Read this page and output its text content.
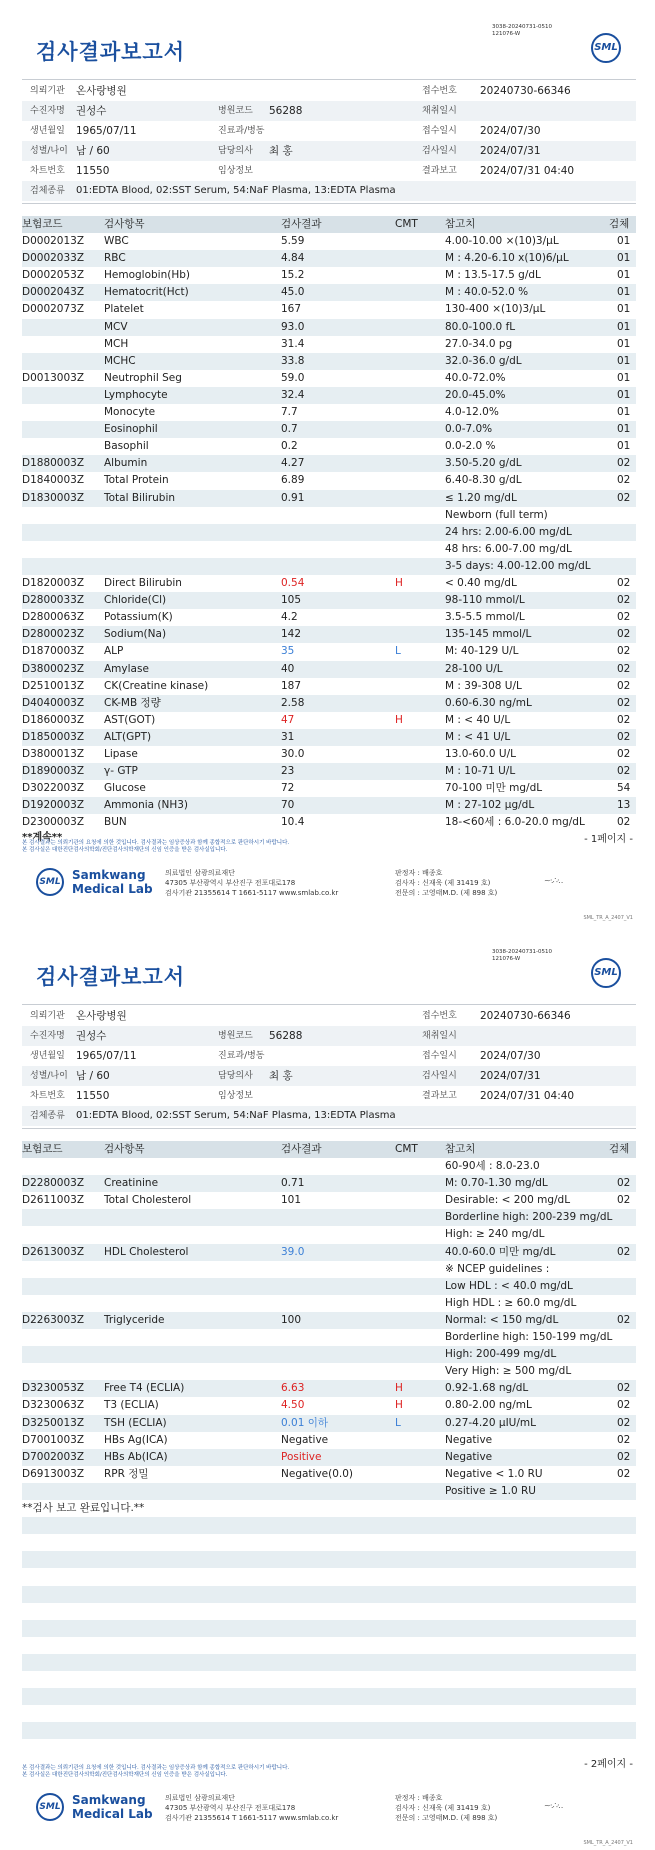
3038-20240731-0510
121076-W
검사결과보고서	SML
의뢰기관 온사랑병원	접수번호 20240730-66346
수진자명 권성수	병원코드 56288	채취일시
생년월일 1965/07/11	진료과/병동	접수일시 2024/07/30
성별/나이 남 / 60	담당의사 최 홍	검사일시 2024/07/31
차트번호 11550	임상정보	결과보고 2024/07/31 04:40
검체종류 01:EDTA Blood, 02:SST Serum, 54:NaF Plasma, 13:EDTA Plasma
보험코드	검사항목	검사결과	CMT	참고치	검체
D0002013Z WBC	5.59	4.00-10.00 ×(10)3/μL	01
D0002033Z RBC	4.84	M : 4.20-6.10 x(10)6/μL	01
D0002053Z Hemoglobin(Hb)	15.2	M : 13.5-17.5 g/dL	01
D0002043Z Hematocrit(Hct)	45.0	M : 40.0-52.0 %	01
D0002073Z Platelet	167	130-400 ×(10)3/μL	01
MCV	93.0	80.0-100.0 fL	01
MCH	31.4	27.0-34.0 pg	01
MCHC	33.8	32.0-36.0 g/dL	01
D0013003Z Neutrophil Seg	59.0	40.0-72.0%	01
Lymphocyte	32.4	20.0-45.0%	01
Monocyte	7.7	4.0-12.0%	01
Eosinophil	0.7	0.0-7.0%	01
Basophil	0.2	0.0-2.0 %	01
D1880003Z Albumin	4.27	3.50-5.20 g/dL	02
D1840003Z Total Protein	6.89	6.40-8.30 g/dL	02
D1830003Z Total Bilirubin	0.91	≤ 1.20 mg/dL	02
Newborn (full term)
24 hrs: 2.00-6.00 mg/dL
48 hrs: 6.00-7.00 mg/dL
3-5 days: 4.00-12.00 mg/dL
D1820003Z Direct Bilirubin	0.54	H	< 0.40 mg/dL	02
D2800033Z Chloride(Cl)	105	98-110 mmol/L	02
D2800063Z Potassium(K)	4.2	3.5-5.5 mmol/L	02
D2800023Z Sodium(Na)	142	135-145 mmol/L	02
D1870003Z ALP	35	L	M: 40-129 U/L	02
D3800023Z Amylase	40	28-100 U/L	02
D2510013Z CK(Creatine kinase)	187	M : 39-308 U/L	02
D4040003Z CK-MB 정량	2.58	0.60-6.30 ng/mL	02
D1860003Z AST(GOT)	47	H	M : < 40 U/L	02
D1850003Z ALT(GPT)	31	M : < 41 U/L	02
D3800013Z Lipase	30.0	13.0-60.0 U/L	02
D1890003Z γ- GTP	23	M : 10-71 U/L	02
D3022003Z Glucose	72	70-100 미만 mg/dL	54
D1920003Z Ammonia (NH3)	70	M : 27-102 μg/dL	13
D2300003Z BUN	10.4	18-<60세 : 6.0-20.0 mg/dL	02
**계속**	- 1페이지 -
본 검사결과는 의뢰기관의 요청에 의한 것입니다. 검사결과는 임상증상과 함께 종합적으로 판단하시기 바랍니다.
본 검사실은 대한진단검사의학회/진단검사의학재단의 신임 인증을 받은 검사실입니다.
SML Samkwang
Medical Lab
의료법인 삼광의료재단
47305 부산광역시 부산진구 전포대로178
검사기관 21355614 T 1661-5117 www.smlab.co.kr
판정자 : 배종호
검사자 : 신재욱 (제 31419 호)
전문의 : 고영태M.D. (제 898 호)
~·.∴·‥
SML_TR_A_2407_V1
3038-20240731-0510
121076-W
검사결과보고서	SML
의뢰기관 온사랑병원	접수번호 20240730-66346
수진자명 권성수	병원코드 56288	채취일시
생년월일 1965/07/11	진료과/병동	접수일시 2024/07/30
성별/나이 남 / 60	담당의사 최 홍	검사일시 2024/07/31
차트번호 11550	임상정보	결과보고 2024/07/31 04:40
검체종류 01:EDTA Blood, 02:SST Serum, 54:NaF Plasma, 13:EDTA Plasma
보험코드	검사항목	검사결과	CMT	참고치	검체
60-90세 : 8.0-23.0
D2280003Z Creatinine	0.71	M: 0.70-1.30 mg/dL	02
D2611003Z Total Cholesterol	101	Desirable: < 200 mg/dL	02
Borderline high: 200-239 mg/dL
High: ≥ 240 mg/dL
D2613003Z HDL Cholesterol	39.0	40.0-60.0 미만 mg/dL	02
※ NCEP guidelines :
Low HDL : < 40.0 mg/dL
High HDL : ≥ 60.0 mg/dL
D2263003Z Triglyceride	100	Normal: < 150 mg/dL	02
Borderline high: 150-199 mg/dL
High: 200-499 mg/dL
Very High: ≥ 500 mg/dL
D3230053Z Free T4 (ECLIA)	6.63	H	0.92-1.68 ng/dL	02
D3230063Z T3 (ECLIA)	4.50	H	0.80-2.00 ng/mL	02
D3250013Z TSH (ECLIA)	0.01 이하	L	0.27-4.20 μIU/mL	02
D7001003Z HBs Ag(ICA)	Negative	Negative	02
D7002003Z HBs Ab(ICA)	Positive	Negative	02
D6913003Z RPR 정밀	Negative(0.0)	Negative < 1.0 RU	02
Positive ≥ 1.0 RU
**검사 보고 완료입니다.**
- 2페이지 -
본 검사결과는 의뢰기관의 요청에 의한 것입니다. 검사결과는 임상증상과 함께 종합적으로 판단하시기 바랍니다.
본 검사실은 대한진단검사의학회/진단검사의학재단의 신임 인증을 받은 검사실입니다.
SML Samkwang
Medical Lab
의료법인 삼광의료재단
47305 부산광역시 부산진구 전포대로178
검사기관 21355614 T 1661-5117 www.smlab.co.kr
판정자 : 배종호
검사자 : 신재욱 (제 31419 호)
전문의 : 고영태M.D. (제 898 호)
~·.∴·‥
SML_TR_A_2407_V1
